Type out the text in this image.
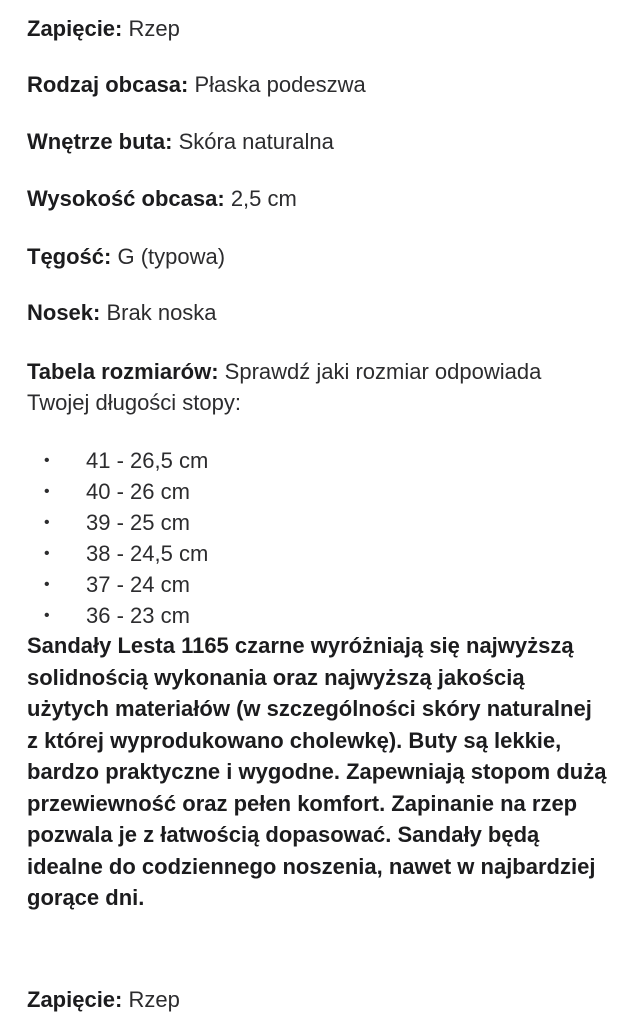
Zapięcie: Rzep
Rodzaj obcasa: Płaska podeszwa
Wnętrze buta: Skóra naturalna
Wysokość obcasa: 2,5 cm
Tęgość: G (typowa)
Nosek: Brak noska
Tabela rozmiarów: Sprawdź jaki rozmiar odpowiada Twojej długości stopy:
• 41 - 26,5 cm
• 40 - 26 cm
• 39 - 25 cm
• 38 - 24,5 cm
• 37 - 24 cm
• 36 - 23 cm

Sandały Lesta 1165 czarne wyróżniają się najwyższą solidnością wykonania oraz najwyższą jakością użytych materiałów (w szczególności skóry naturalnej z której wyprodukowano cholewkę). Buty są lekkie, bardzo praktyczne i wygodne. Zapewniają stopom dużą przewiewność oraz pełen komfort. Zapinanie na rzep pozwala je z łatwością dopasować. Sandały będą idealne do codziennego noszenia, nawet w najbardziej gorące dni.

Zapięcie: Rzep
